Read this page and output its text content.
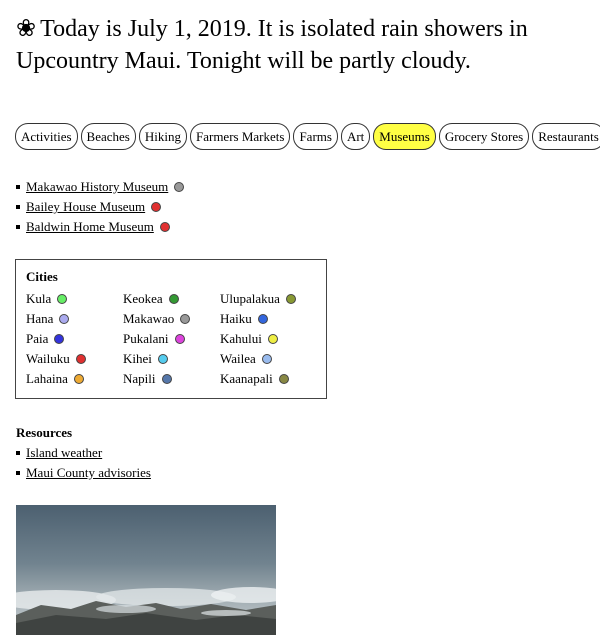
❀ Today is July 1, 2019. It is isolated rain showers in Upcountry Maui. Tonight will be partly cloudy.
Activities	Beaches	Hiking	Farmers Markets	Farms	Art	Museums	Grocery Stores	Restaurants
Makawao History Museum
Bailey House Museum
Baldwin Home Museum
Cities
Kula	Keokea	Ulupalakua
Hana	Makawao	Haiku
Paia	Pukalani	Kahului
Wailuku	Kihei	Wailea
Lahaina	Napili	Kaanapali
Resources
Island weather
Maui County advisories
